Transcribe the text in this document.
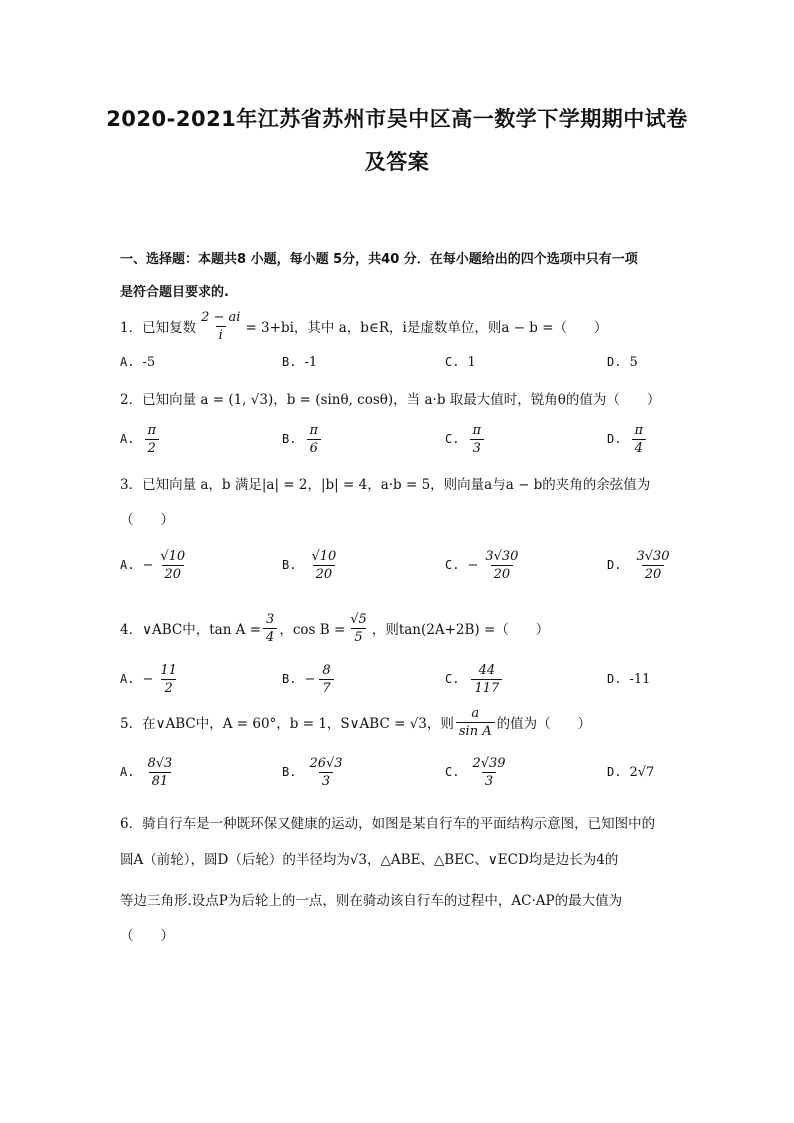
2020-2021年江苏省苏州市吴中区高一数学下学期期中试卷
及答案
一、选择题：本题共8 小题，每小题 5分，共40 分．在每小题给出的四个选项中只有一项
是符合题目要求的.
1．已知复数 $\frac{2 - ai}{i} = 3+bi$，其中 a，b∈R，i是虚数单位，则a − b =（　　）
A. -5	B. -1	C. 1	D. 5
2．已知向量 a = (1, √3)，b = (sinθ, cosθ)，当 a·b 取最大值时，锐角θ的值为（　　）
A. $\frac{\pi}{2}$	B. $\frac{\pi}{6}$	C. $\frac{\pi}{3}$	D. $\frac{\pi}{4}$
3．已知向量 a，b 满足|a| = 2，|b| = 4，a·b = 5，则向量a与a − b的夹角的余弦值为
（　　）
A. − $\frac{√10}{20}$	B. $\frac{√10}{20}$	C. − $\frac{3√30}{20}$	D. $\frac{3√30}{20}$
4．∨ABC中，$\tan A = \frac{3}{4}$ ，$\cos B = \frac{√5}{5}$ ，则tan(2A+2B) =（　　）
A. − $\frac{11}{2}$	B. − $\frac{8}{7}$	C. $\frac{44}{117}$	D. -11
5．在∨ABC中，A = 60°，b = 1，S∨ABC = √3，则 $\frac{a}{\text{sin A}}$ 的值为（　　）
A. $\frac{8√3}{81}$	B. $\frac{26√3}{3}$	C. $\frac{2√39}{3}$	D. 2√7
6．骑自行车是一种既环保又健康的运动，如图是某自行车的平面结构示意图，已知图中的
圆A（前轮），圆D（后轮）的半径均为√3，△ABE、△BEC、∨ECD均是边长为4的
等边三角形.设点P为后轮上的一点，则在骑动该自行车的过程中，AC·AP的最大值为
（　　）
